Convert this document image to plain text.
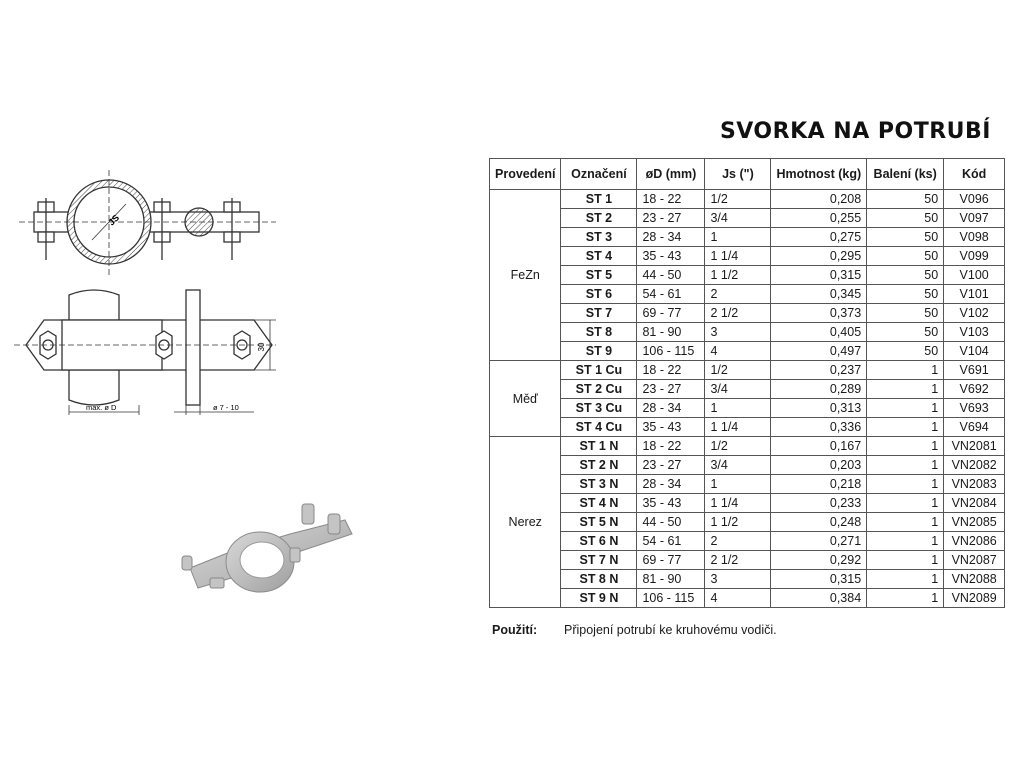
SVORKA NA POTRUBÍ
JS
30
max. ø D	ø 7 - 10
Provedení	Označení	øD (mm)	Js (")	Hmotnost (kg)	Balení (ks)	Kód
FeZn	ST 1	18 - 22	1/2	0,208	50	V096
	ST 2	23 - 27	3/4	0,255	50	V097
	ST 3	28 - 34	1	0,275	50	V098
	ST 4	35 - 43	1 1/4	0,295	50	V099
	ST 5	44 - 50	1 1/2	0,315	50	V100
	ST 6	54 - 61	2	0,345	50	V101
	ST 7	69 - 77	2 1/2	0,373	50	V102
	ST 8	81 - 90	3	0,405	50	V103
	ST 9	106 - 115	4	0,497	50	V104
Měď	ST 1 Cu	18 - 22	1/2	0,237	1	V691
	ST 2 Cu	23 - 27	3/4	0,289	1	V692
	ST 3 Cu	28 - 34	1	0,313	1	V693
	ST 4 Cu	35 - 43	1 1/4	0,336	1	V694
Nerez	ST 1 N	18 - 22	1/2	0,167	1	VN2081
	ST 2 N	23 - 27	3/4	0,203	1	VN2082
	ST 3 N	28 - 34	1	0,218	1	VN2083
	ST 4 N	35 - 43	1 1/4	0,233	1	VN2084
	ST 5 N	44 - 50	1 1/2	0,248	1	VN2085
	ST 6 N	54 - 61	2	0,271	1	VN2086
	ST 7 N	69 - 77	2 1/2	0,292	1	VN2087
	ST 8 N	81 - 90	3	0,315	1	VN2088
	ST 9 N	106 - 115	4	0,384	1	VN2089
Použití: Připojení potrubí ke kruhovému vodiči.
